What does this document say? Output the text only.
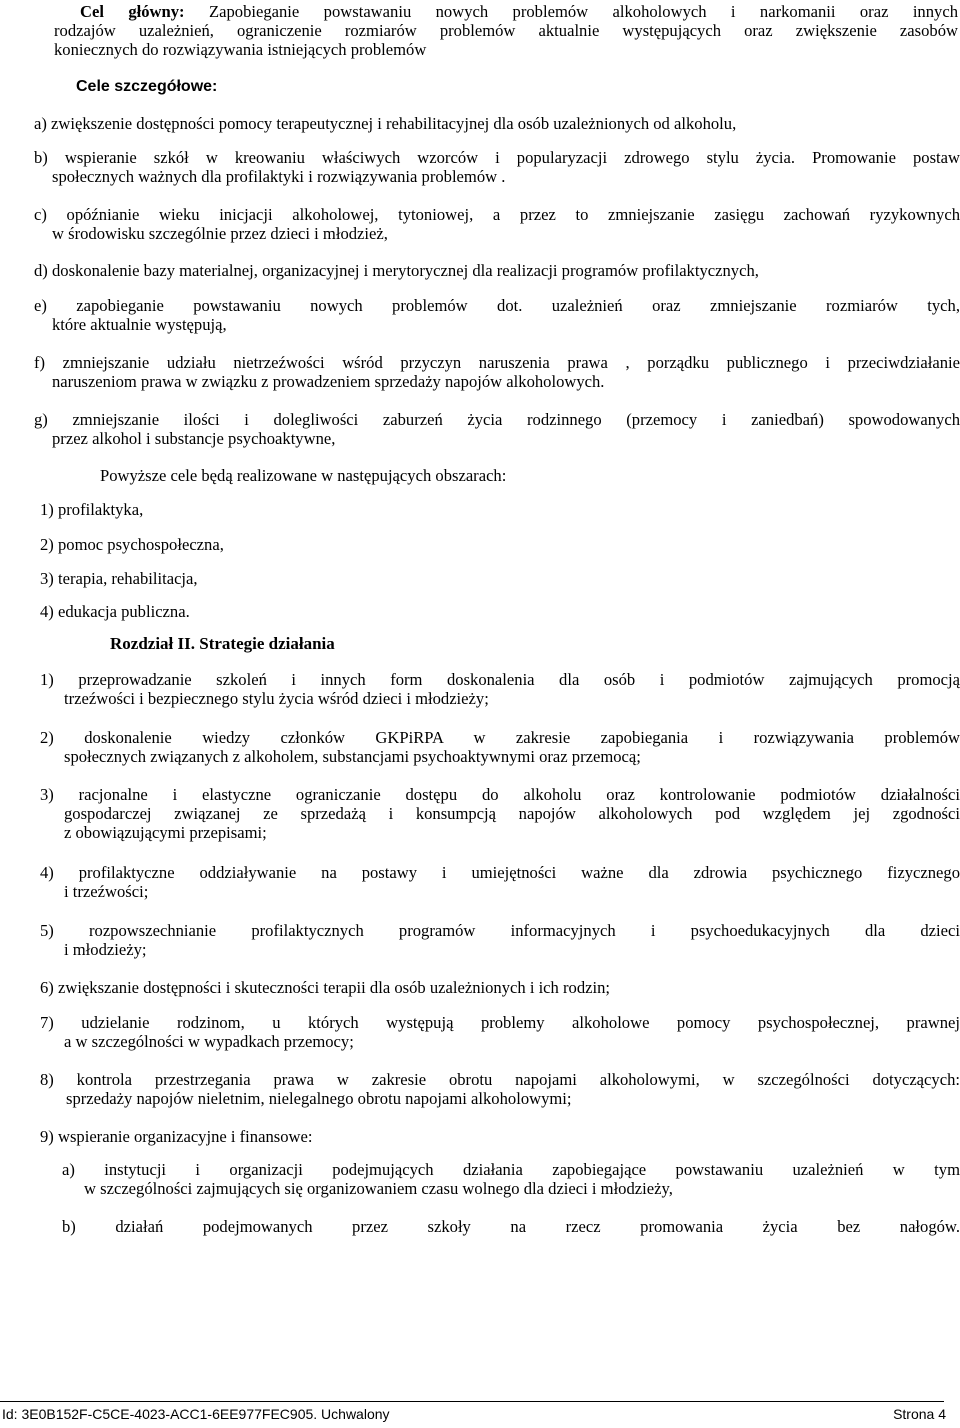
Cel główny: Zapobieganie powstawaniu nowych problemów alkoholowych i narkomanii oraz innych
rodzajów uzależnień, ograniczenie rozmiarów problemów aktualnie występujących oraz zwiększenie zasobów
koniecznych do rozwiązywania istniejących problemów
Cele szczegółowe:
a) zwiększenie dostępności pomocy terapeutycznej i rehabilitacyjnej dla osób uzależnionych od alkoholu,
b) wspieranie szkół w kreowaniu właściwych wzorców i popularyzacji zdrowego stylu życia. Promowanie postaw
społecznych ważnych dla profilaktyki i rozwiązywania problemów .
c) opóźnianie wieku inicjacji alkoholowej, tytoniowej, a przez to zmniejszanie zasięgu zachowań ryzykownych
w środowisku szczególnie przez dzieci i młodzież,
d) doskonalenie bazy materialnej, organizacyjnej i merytorycznej dla realizacji programów profilaktycznych,
e) zapobieganie powstawaniu nowych problemów dot. uzależnień oraz zmniejszanie rozmiarów tych,
które aktualnie występują,
f) zmniejszanie udziału nietrzeźwości wśród przyczyn naruszenia prawa , porządku publicznego i przeciwdziałanie
naruszeniom prawa w związku z prowadzeniem sprzedaży napojów alkoholowych.
g) zmniejszanie ilości i dolegliwości zaburzeń życia rodzinnego (przemocy i zaniedbań) spowodowanych
przez alkohol i substancje psychoaktywne,
Powyższe cele będą realizowane w następujących obszarach:
1) profilaktyka,
2) pomoc psychospołeczna,
3) terapia, rehabilitacja,
4) edukacja publiczna.
Rozdział II. Strategie działania
1) przeprowadzanie szkoleń i innych form doskonalenia dla osób i podmiotów zajmujących promocją
trzeźwości i bezpiecznego stylu życia wśród dzieci i młodzieży;
2) doskonalenie wiedzy członków GKPiRPA w zakresie zapobiegania i rozwiązywania problemów
społecznych związanych z alkoholem, substancjami psychoaktywnymi oraz przemocą;
3) racjonalne i elastyczne ograniczanie dostępu do alkoholu oraz kontrolowanie podmiotów działalności
gospodarczej związanej ze sprzedażą i konsumpcją napojów alkoholowych pod względem jej zgodności
z obowiązującymi przepisami;
4) profilaktyczne oddziaływanie na postawy i umiejętności ważne dla zdrowia psychicznego fizycznego
i trzeźwości;
5) rozpowszechnianie profilaktycznych programów informacyjnych i psychoedukacyjnych dla dzieci
i młodzieży;
6) zwiększanie dostępności i skuteczności terapii dla osób uzależnionych i ich rodzin;
7) udzielanie rodzinom, u których występują problemy alkoholowe pomocy psychospołecznej, prawnej
a w szczególności w wypadkach przemocy;
8) kontrola przestrzegania prawa w zakresie obrotu napojami alkoholowymi, w szczególności dotyczących:
sprzedaży napojów nieletnim, nielegalnego obrotu napojami alkoholowymi;
9) wspieranie organizacyjne i finansowe:
a) instytucji i organizacji podejmujących działania zapobiegające powstawaniu uzależnień w tym
w szczególności zajmujących się organizowaniem czasu wolnego dla dzieci i młodzieży,
b) działań podejmowanych przez szkoły na rzecz promowania życia bez nałogów.
Id: 3E0B152F-C5CE-4023-ACC1-6EE977FEC905. Uchwalony	Strona 4
